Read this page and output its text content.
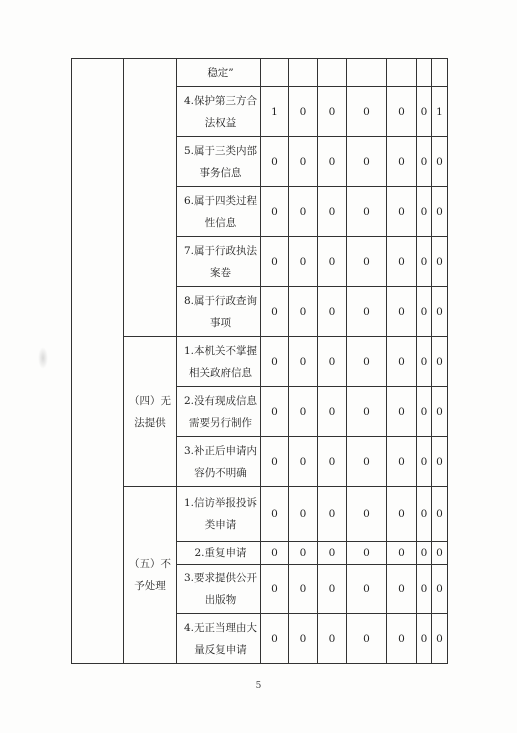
		稳定”							
		4.保护第三方合法权益	1	0	0	0	0	0	1
		5.属于三类内部事务信息	0	0	0	0	0	0	0
		6.属于四类过程性信息	0	0	0	0	0	0	0
		7.属于行政执法案卷	0	0	0	0	0	0	0
		8.属于行政查询事项	0	0	0	0	0	0	0
	（四）无法提供	1.本机关不掌握相关政府信息	0	0	0	0	0	0	0
		2.没有现成信息需要另行制作	0	0	0	0	0	0	0
		3.补正后申请内容仍不明确	0	0	0	0	0	0	0
	（五）不予处理	1.信访举报投诉类申请	0	0	0	0	0	0	0
		2.重复申请	0	0	0	0	0	0	0
		3.要求提供公开出版物	0	0	0	0	0	0	0
		4.无正当理由大量反复申请	0	0	0	0	0	0	0
5
